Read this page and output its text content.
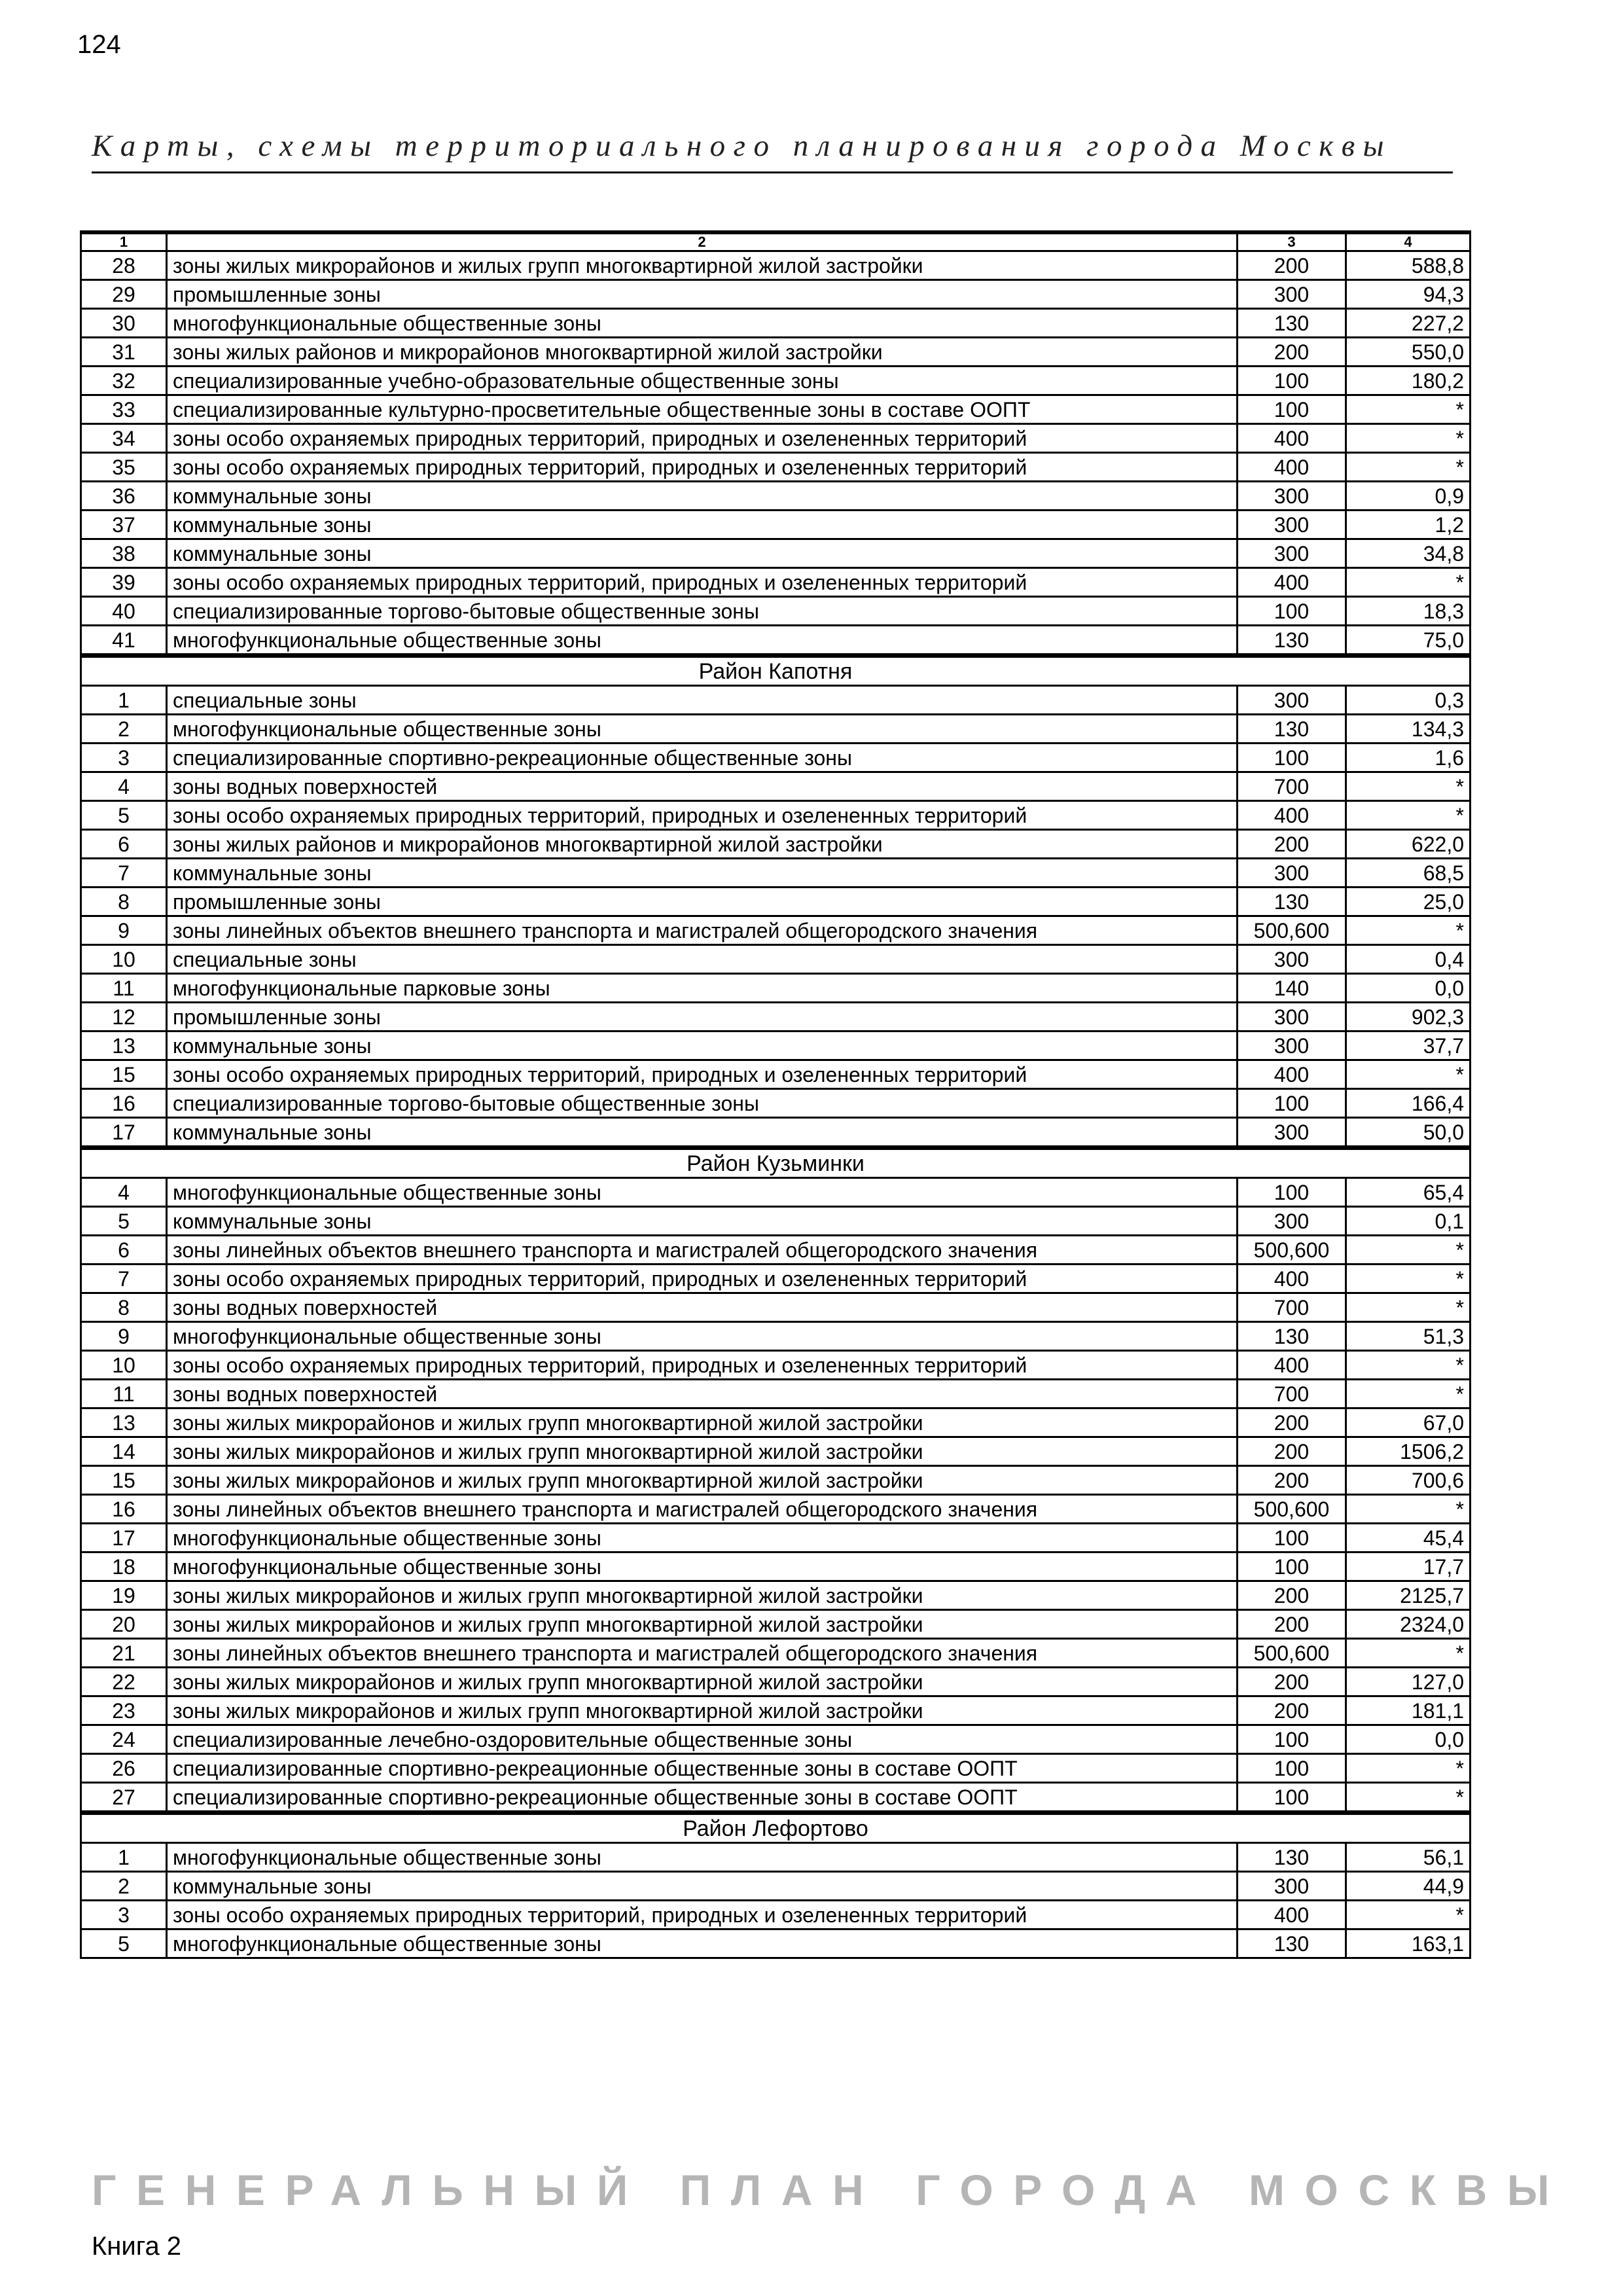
124
Карты, схемы территориального планирования города Москвы
1	2	3	4
28	зоны жилых микрорайонов и жилых групп многоквартирной жилой застройки	200	588,8
29	промышленные зоны	300	94,3
30	многофункциональные общественные зоны	130	227,2
31	зоны жилых районов и микрорайонов многоквартирной жилой застройки	200	550,0
32	специализированные учебно-образовательные общественные зоны	100	180,2
33	специализированные культурно-просветительные общественные зоны в составе ООПТ	100	*
34	зоны особо охраняемых природных территорий, природных и озелененных территорий	400	*
35	зоны особо охраняемых природных территорий, природных и озелененных территорий	400	*
36	коммунальные зоны	300	0,9
37	коммунальные зоны	300	1,2
38	коммунальные зоны	300	34,8
39	зоны особо охраняемых природных территорий, природных и озелененных территорий	400	*
40	специализированные торгово-бытовые общественные зоны	100	18,3
41	многофункциональные общественные зоны	130	75,0
Район Капотня			
1	специальные зоны	300	0,3
2	многофункциональные общественные зоны	130	134,3
3	специализированные спортивно-рекреационные общественные зоны	100	1,6
4	зоны водных поверхностей	700	*
5	зоны особо охраняемых природных территорий, природных и озелененных территорий	400	*
6	зоны жилых районов и микрорайонов многоквартирной жилой застройки	200	622,0
7	коммунальные зоны	300	68,5
8	промышленные зоны	130	25,0
9	зоны линейных объектов внешнего транспорта и магистралей общегородского значения	500,600	*
10	специальные зоны	300	0,4
11	многофункциональные парковые зоны	140	0,0
12	промышленные зоны	300	902,3
13	коммунальные зоны	300	37,7
15	зоны особо охраняемых природных территорий, природных и озелененных территорий	400	*
16	специализированные торгово-бытовые общественные зоны	100	166,4
17	коммунальные зоны	300	50,0
Район Кузьминки			
4	многофункциональные общественные зоны	100	65,4
5	коммунальные зоны	300	0,1
6	зоны линейных объектов внешнего транспорта и магистралей общегородского значения	500,600	*
7	зоны особо охраняемых природных территорий, природных и озелененных территорий	400	*
8	зоны водных поверхностей	700	*
9	многофункциональные общественные зоны	130	51,3
10	зоны особо охраняемых природных территорий, природных и озелененных территорий	400	*
11	зоны водных поверхностей	700	*
13	зоны жилых микрорайонов и жилых групп многоквартирной жилой застройки	200	67,0
14	зоны жилых микрорайонов и жилых групп многоквартирной жилой застройки	200	1506,2
15	зоны жилых микрорайонов и жилых групп многоквартирной жилой застройки	200	700,6
16	зоны линейных объектов внешнего транспорта и магистралей общегородского значения	500,600	*
17	многофункциональные общественные зоны	100	45,4
18	многофункциональные общественные зоны	100	17,7
19	зоны жилых микрорайонов и жилых групп многоквартирной жилой застройки	200	2125,7
20	зоны жилых микрорайонов и жилых групп многоквартирной жилой застройки	200	2324,0
21	зоны линейных объектов внешнего транспорта и магистралей общегородского значения	500,600	*
22	зоны жилых микрорайонов и жилых групп многоквартирной жилой застройки	200	127,0
23	зоны жилых микрорайонов и жилых групп многоквартирной жилой застройки	200	181,1
24	специализированные лечебно-оздоровительные общественные зоны	100	0,0
26	специализированные спортивно-рекреационные общественные зоны в составе ООПТ	100	*
27	специализированные спортивно-рекреационные общественные зоны в составе ООПТ	100	*
Район Лефортово			
1	многофункциональные общественные зоны	130	56,1
2	коммунальные зоны	300	44,9
3	зоны особо охраняемых природных территорий, природных и озелененных территорий	400	*
5	многофункциональные общественные зоны	130	163,1
ГЕНЕРАЛЬНЫЙ ПЛАН ГОРОДА МОСКВЫ
Книга 2
